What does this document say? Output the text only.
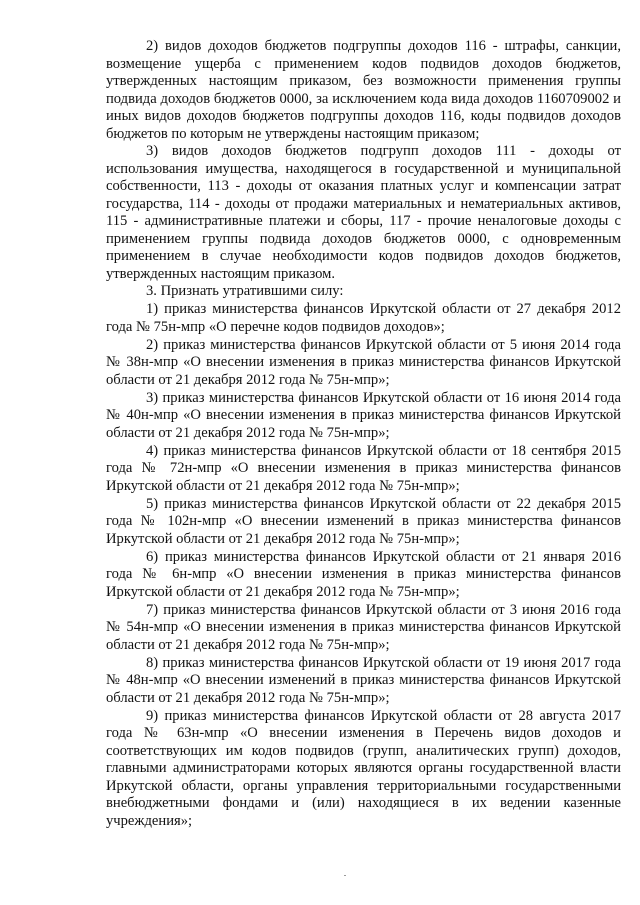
2) видов доходов бюджетов подгруппы доходов 116 - штрафы, санкции, возмещение ущерба с применением кодов подвидов доходов бюджетов, утвержденных настоящим приказом, без возможности применения группы подвида доходов бюджетов 0000, за исключением кода вида доходов 1160709002 и иных видов доходов бюджетов подгруппы доходов 116, коды подвидов доходов бюджетов по которым не утверждены настоящим приказом;

3) видов доходов бюджетов подгрупп доходов 111 - доходы от использования имущества, находящегося в государственной и муниципальной собственности, 113 - доходы от оказания платных услуг и компенсации затрат государства, 114 - доходы от продажи материальных и нематериальных активов, 115 - административные платежи и сборы, 117 - прочие неналоговые доходы с применением группы подвида доходов бюджетов 0000, с одновременным применением в случае необходимости кодов подвидов доходов бюджетов, утвержденных настоящим приказом.

3. Признать утратившими силу:

1) приказ министерства финансов Иркутской области от 27 декабря 2012 года № 75н-мпр «О перечне кодов подвидов доходов»;

2) приказ министерства финансов Иркутской области от 5 июня 2014 года № 38н-мпр «О внесении изменения в приказ министерства финансов Иркутской области от 21 декабря 2012 года № 75н-мпр»;

3) приказ министерства финансов Иркутской области от 16 июня 2014 года № 40н-мпр «О внесении изменения в приказ министерства финансов Иркутской области от 21 декабря 2012 года № 75н-мпр»;

4) приказ министерства финансов Иркутской области от 18 сентября 2015 года № 72н-мпр «О внесении изменения в приказ министерства финансов Иркутской области от 21 декабря 2012 года № 75н-мпр»;

5) приказ министерства финансов Иркутской области от 22 декабря 2015 года № 102н-мпр «О внесении изменений в приказ министерства финансов Иркутской области от 21 декабря 2012 года № 75н-мпр»;

6) приказ министерства финансов Иркутской области от 21 января 2016 года № 6н-мпр «О внесении изменения в приказ министерства финансов Иркутской области от 21 декабря 2012 года № 75н-мпр»;

7) приказ министерства финансов Иркутской области от 3 июня 2016 года № 54н-мпр «О внесении изменения в приказ министерства финансов Иркутской области от 21 декабря 2012 года № 75н-мпр»;

8) приказ министерства финансов Иркутской области от 19 июня 2017 года № 48н-мпр «О внесении изменений в приказ министерства финансов Иркутской области от 21 декабря 2012 года № 75н-мпр»;

9) приказ министерства финансов Иркутской области от 28 августа 2017 года № 63н-мпр «О внесении изменения в Перечень видов доходов и соответствующих им кодов подвидов (групп, аналитических групп) доходов, главными администраторами которых являются органы государственной власти Иркутской области, органы управления территориальными государственными внебюджетными фондами и (или) находящиеся в их ведении казенные учреждения»;
